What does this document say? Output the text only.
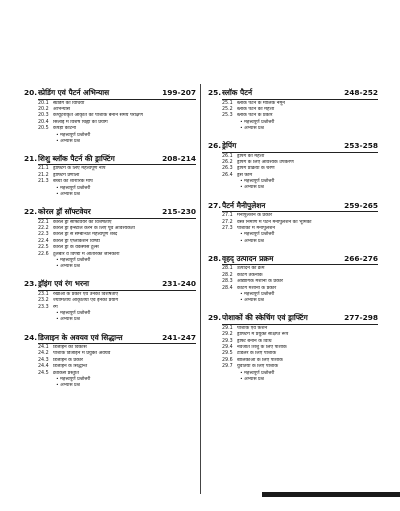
20. स्प्रेडिंग एवं पैटर्न अभिन्यास	199-207
20.1 स्प्रेडिंग की विधियाँ
20.2 अभिन्यास
20.3 कंप्यूटरीकृत आकृति की पोशाक बनाने समय परीक्षण
20.4 सिलाई में विशेष चिह्नों का प्रयोग
20.5 कपड़ा काटना
• महत्त्वपूर्ण प्रश्नोत्तरी
• अभ्यास प्रश्न
21. शिशु ब्लॉक पैटर्न की ड्राफ्टिंग	208-214
21.1 ड्राफ्टिंग के लिए महत्त्वपूर्ण नाप
21.2 ड्राफ्टिंग प्रणाली
21.3 बच्चों की शारीरिक माप
• महत्त्वपूर्ण प्रश्नोत्तरी
• अभ्यास प्रश्न
22. कोरल ड्रॉ सॉफ्टवेयर	215-230
22.1 कोरल ड्रॉ सॉफ्टवेयर की विशेषताएँ
22.2 कोरल ड्रॉ इन्स्टॉल करने के लिए पूर्व आवश्यकता
22.3 कोरल ड्रॉ से सम्बन्धित महत्त्वपूर्ण शब्द
22.4 कोरल ड्रॉ एप्लीकेशन विण्डो
22.5 कोरल ड्रॉ के वर्कस्पेस टूल्स
22.6 टूलबार व विण्डो में अतिरिक्त जानकारी
• महत्त्वपूर्ण प्रश्नोत्तरी
• अभ्यास प्रश्न
23. ड्रॉइंग एवं रंग भरना	231-240
23.1 रेखाओं के प्रकार एवं उनकी विशेषताएँ
23.2 ज्यामितीय आकृतियाँ एवं इनका प्रयोग
23.3 रंग
• महत्त्वपूर्ण प्रश्नोत्तरी
• अभ्यास प्रश्न
24. डिजाइन के अवयव एवं सिद्धान्त	241-247
24.1 डिजाइन का विकास
24.2 पोशाक डिजाइन में प्रयुक्त अवयव
24.3 डिजाइन के प्रकार
24.4 डिजाइन के सिद्धान्त
24.5 क्रोकिस प्रस्तुति
• महत्त्वपूर्ण प्रश्नोत्तरी
• अभ्यास प्रश्न
25. स्लॉक पैटर्न	248-252
25.1 ब्लॉक पैटर्न के मौलिक नमूने
25.2 ब्लॉक पैटर्न की महत्ता
25.3 ब्लॉक पैटर्न के प्रकार
• महत्त्वपूर्ण प्रश्नोत्तरी
• अभ्यास प्रश्न
26. ड्रेपिंग	253-258
26.1 ड्रेपिंग की महत्ता
26.2 ड्रेपिंग के लिए आवश्यक उपकरण
26.3 ड्रेपिंग प्रक्रिया के चरण
26.4 ड्रेस फ़ार्म
• महत्त्वपूर्ण प्रश्नोत्तरी
• अभ्यास प्रश्न
27. पैटर्न मैनीपुलेशन	259-265
27.1 मैनीपुलेशन के प्रकार
27.2 वस्त्र निर्माण में पैटर्न मैनीपुलेशन की भूमिका
27.3 पोशाकों में मैनीपुलेशन
• महत्त्वपूर्ण प्रश्नोत्तरी
• अभ्यास प्रश्न
28. वृहद् उत्पादन प्रक्रम	266-276
28.1 उत्पादन का क्रम
28.2 कटिंग तकनीक
28.3 औद्योगिक मशीनों के प्रकार
28.4 कटिंग मशीनों के प्रकार
• महत्त्वपूर्ण प्रश्नोत्तरी
• अभ्यास प्रश्न
29. पोशाकों की स्केचिंग एवं ड्राफ्टिंग	277-298
29.1 पोशाक एवं फ़ैशन
29.2 ड्राफ्टिंग में प्रयुक्त संक्षिप्त रूप
29.3 ड्राफ्ट बनाने के विधि
29.4 नवजात शिशु के लिए पोशाकें
29.5 टॉडलर के लिए पोशाकें
29.6 बालिकाओं के लिए पोशाकें
29.7 युवतियों के लिए पोशाकें
• महत्त्वपूर्ण प्रश्नोत्तरी
• अभ्यास प्रश्न
